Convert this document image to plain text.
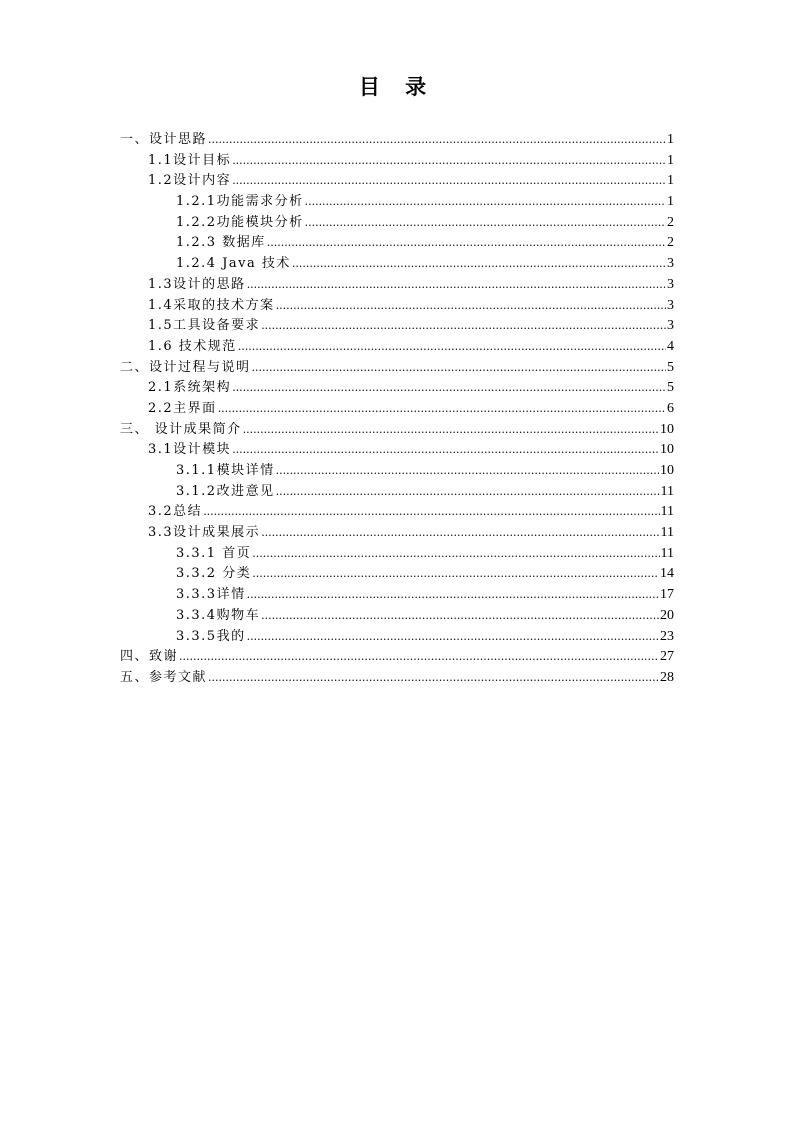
目 录
一、设计思路 .....	1
1.1设计目标 .....	1
1.2设计内容 .....	1
1.2.1功能需求分析 .....	1
1.2.2功能模块分析 .....	2
1.2.3 数据库 .....	2
1.2.4 Java 技术 .....	3
1.3设计的思路 .....	3
1.4采取的技术方案 .....	3
1.5工具设备要求 .....	3
1.6 技术规范 .....	4
二、设计过程与说明 .....	5
2.1系统架构 .....	5
2.2主界面 .....	6
三、 设计成果简介 .....	10
3.1设计模块 .....	10
3.1.1模块详情 .....	10
3.1.2改进意见 .....	11
3.2总结 .....	11
3.3设计成果展示 .....	11
3.3.1 首页 .....	11
3.3.2 分类 .....	14
3.3.3详情 .....	17
3.3.4购物车 .....	20
3.3.5我的 .....	23
四、致谢 .....	27
五、参考文献 .....	28
